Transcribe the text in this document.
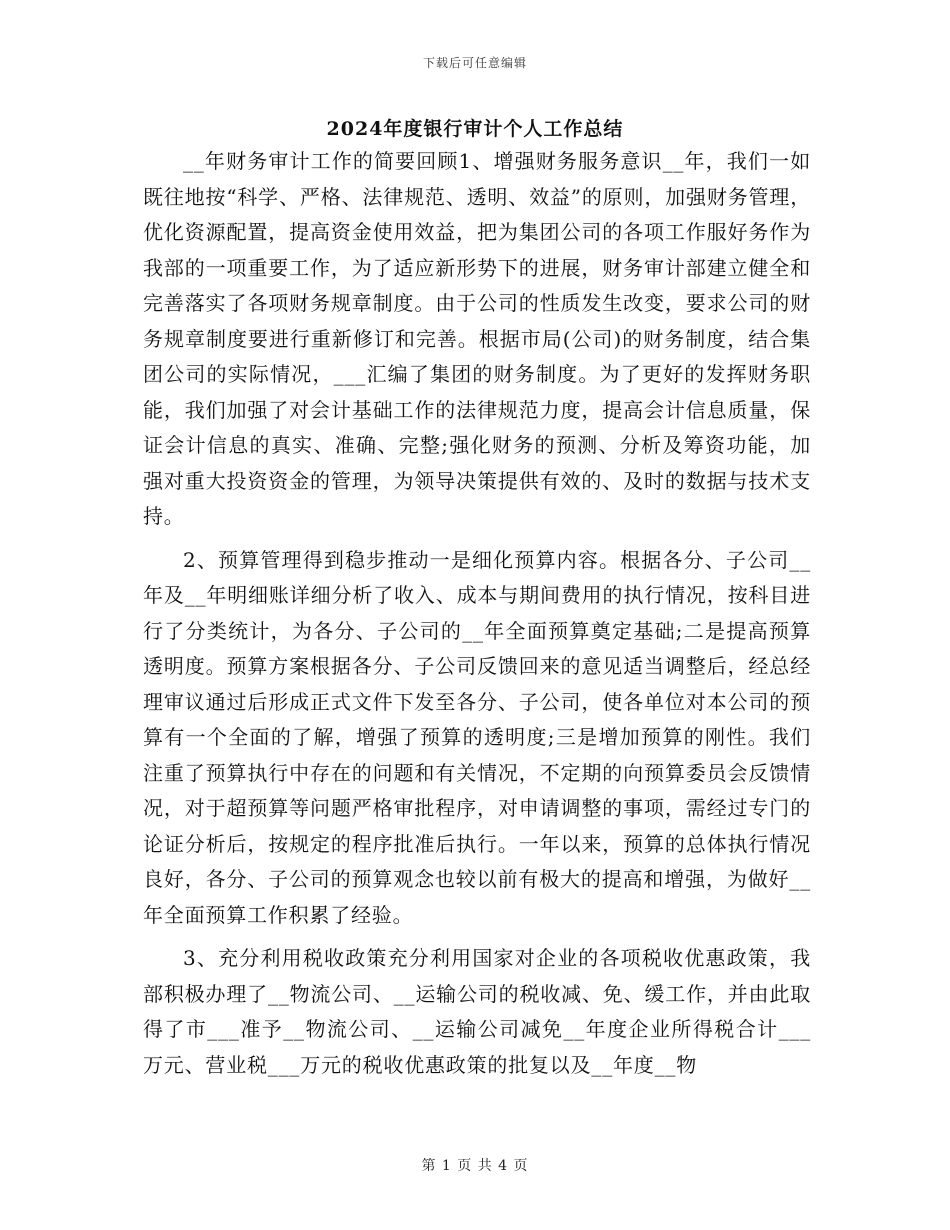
下载后可任意编辑
2024年度银行审计个人工作总结

__年财务审计工作的简要回顾1、增强财务服务意识__年，我们一如既往地按“科学、严格、法律规范、透明、效益”的原则，加强财务管理，优化资源配置，提高资金使用效益，把为集团公司的各项工作服好务作为我部的一项重要工作，为了适应新形势下的进展，财务审计部建立健全和完善落实了各项财务规章制度。由于公司的性质发生改变，要求公司的财务规章制度要进行重新修订和完善。根据市局(公司)的财务制度，结合集团公司的实际情况，___汇编了集团的财务制度。为了更好的发挥财务职能，我们加强了对会计基础工作的法律规范力度，提高会计信息质量，保证会计信息的真实、准确、完整;强化财务的预测、分析及筹资功能，加强对重大投资资金的管理，为领导决策提供有效的、及时的数据与技术支持。

2、预算管理得到稳步推动一是细化预算内容。根据各分、子公司__年及__年明细账详细分析了收入、成本与期间费用的执行情况，按科目进行了分类统计，为各分、子公司的__年全面预算奠定基础;二是提高预算透明度。预算方案根据各分、子公司反馈回来的意见适当调整后，经总经理审议通过后形成正式文件下发至各分、子公司，使各单位对本公司的预算有一个全面的了解，增强了预算的透明度;三是增加预算的刚性。我们注重了预算执行中存在的问题和有关情况，不定期的向预算委员会反馈情况，对于超预算等问题严格审批程序，对申请调整的事项，需经过专门的论证分析后，按规定的程序批准后执行。一年以来，预算的总体执行情况良好，各分、子公司的预算观念也较以前有极大的提高和增强，为做好__年全面预算工作积累了经验。

3、充分利用税收政策充分利用国家对企业的各项税收优惠政策，我部积极办理了__物流公司、__运输公司的税收减、免、缓工作，并由此取得了市___准予__物流公司、__运输公司减免__年度企业所得税合计___万元、营业税___万元的税收优惠政策的批复以及__年度__物

第 1 页 共 4 页
